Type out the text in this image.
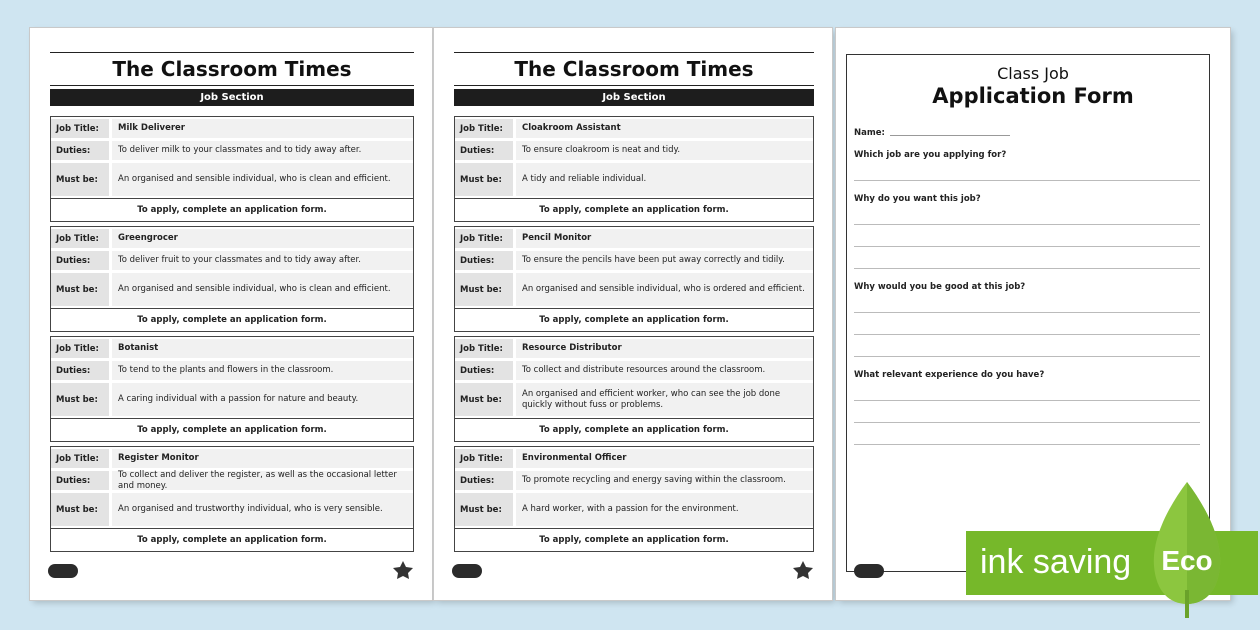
The Classroom Times
Job Section
Job Title:	Milk Deliverer
Duties:	To deliver milk to your classmates and to tidy away after.
Must be:	An organised and sensible individual, who is clean and efficient.
To apply, complete an application form.
Job Title:	Greengrocer
Duties:	To deliver fruit to your classmates and to tidy away after.
Must be:	An organised and sensible individual, who is clean and efficient.
To apply, complete an application form.
Job Title:	Botanist
Duties:	To tend to the plants and flowers in the classroom.
Must be:	A caring individual with a passion for nature and beauty.
To apply, complete an application form.
Job Title:	Register Monitor
Duties:
To collect and deliver the register, as well as the occasional letter and money.
Must be:	An organised and trustworthy individual, who is very sensible.
To apply, complete an application form.
The Classroom Times
Job Section
Job Title:	Cloakroom Assistant
Duties:	To ensure cloakroom is neat and tidy.
Must be:	A tidy and reliable individual.
To apply, complete an application form.
Job Title:	Pencil Monitor
Duties:	To ensure the pencils have been put away correctly and tidily.
Must be:	An organised and sensible individual, who is ordered and efficient.
To apply, complete an application form.
Job Title:	Resource Distributor
Duties:	To collect and distribute resources around the classroom.
Must be:
An organised and efficient worker, who can see the job done quickly without fuss or problems.
To apply, complete an application form.
Job Title:	Environmental Officer
Duties:	To promote recycling and energy saving within the classroom.
Must be:	A hard worker, with a passion for the environment.
To apply, complete an application form.
Class Job
Application Form
Name:
Which job are you applying for?
Why do you want this job?
Why would you be good at this job?
What relevant experience do you have?
ink saving Eco
